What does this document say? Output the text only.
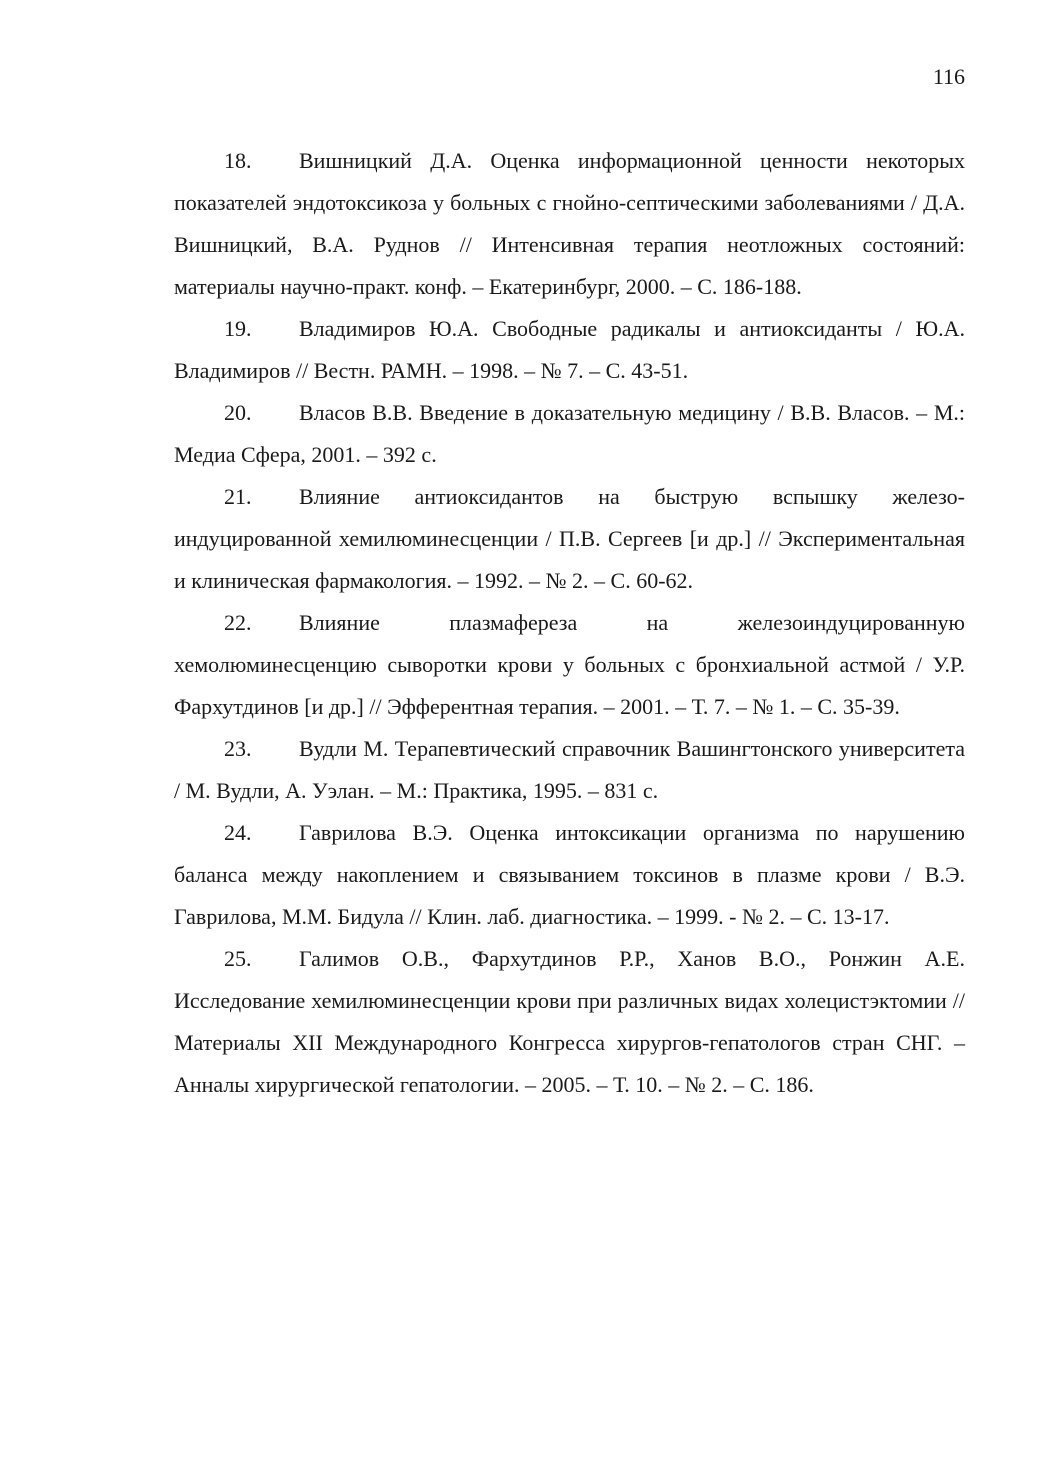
116

18. Вишницкий Д.А. Оценка информационной ценности некоторых показателей эндотоксикоза у больных с гнойно-септическими заболеваниями / Д.А. Вишницкий, В.А. Руднов // Интенсивная терапия неотложных состояний: материалы научно-практ. конф. – Екатеринбург, 2000. – С. 186-188.

19. Владимиров Ю.А. Свободные радикалы и антиоксиданты / Ю.А. Владимиров // Вестн. РАМН. – 1998. – № 7. – С. 43-51.

20. Власов В.В. Введение в доказательную медицину / В.В. Власов. – М.: Медиа Сфера, 2001. – 392 с.

21. Влияние антиоксидантов на быструю вспышку железо-индуцированной хемилюминесценции / П.В. Сергеев [и др.] // Экспериментальная и клиническая фармакология. – 1992. – № 2. – С. 60-62.

22. Влияние плазмафереза на железоиндуцированную хемолюминесценцию сыворотки крови у больных с бронхиальной астмой / У.Р. Фархутдинов [и др.] // Эфферентная терапия. – 2001. – Т. 7. – № 1. – С. 35-39.

23. Вудли М. Терапевтический справочник Вашингтонского университета / М. Вудли, А. Уэлан. – М.: Практика, 1995. – 831 с.

24. Гаврилова В.Э. Оценка интоксикации организма по нарушению баланса между накоплением и связыванием токсинов в плазме крови / В.Э. Гаврилова, М.М. Бидула // Клин. лаб. диагностика. – 1999. - № 2. – С. 13-17.

25. Галимов О.В., Фархутдинов Р.Р., Ханов В.О., Ронжин А.Е. Исследование хемилюминесценции крови при различных видах холецистэктомии // Материалы XII Международного Конгресса хирургов-гепатологов стран СНГ. – Анналы хирургической гепатологии. – 2005. – Т. 10. – № 2. – С. 186.
